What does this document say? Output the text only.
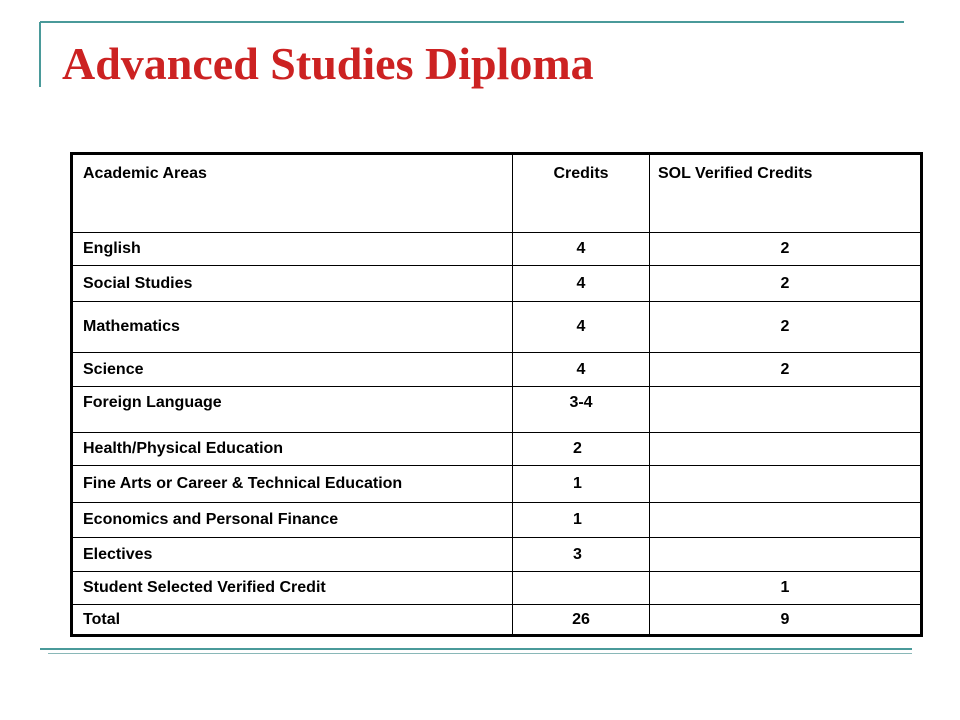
Advanced Studies Diploma
Academic Areas	Credits	SOL Verified Credits
English	4	2
Social Studies	4	2
Mathematics	4	2
Science	4	2
Foreign Language	3-4	
Health/Physical Education	2	
Fine Arts or Career & Technical Education	1	
Economics and Personal Finance	1	
Electives	3	
Student Selected Verified Credit		1
Total	26	9
